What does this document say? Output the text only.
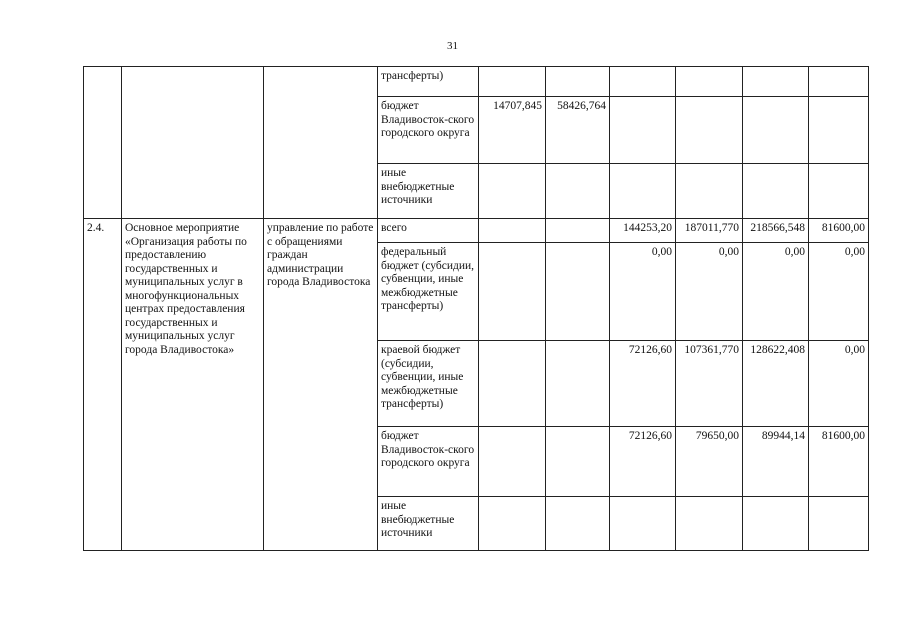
31
			трансферты)						
			бюджет Владивосток-ского городского округа	14707,845	58426,764				
			иные внебюджетные источники						
2.4.	Основное мероприятие «Организация работы по предоставлению государственных и муниципальных услуг в многофункциональных центрах предоставления государственных и муниципальных услуг города Владивостока»	управление по работе с обращениями граждан администрации города Владивостока	всего			144253,20	187011,770	218566,548	81600,00
			федеральный бюджет (субсидии, субвенции, иные межбюджетные трансферты)			0,00	0,00	0,00	0,00
			краевой бюджет (субсидии, субвенции, иные межбюджетные трансферты)			72126,60	107361,770	128622,408	0,00
			бюджет Владивосток-ского городского округа			72126,60	79650,00	89944,14	81600,00
			иные внебюджетные источники						
